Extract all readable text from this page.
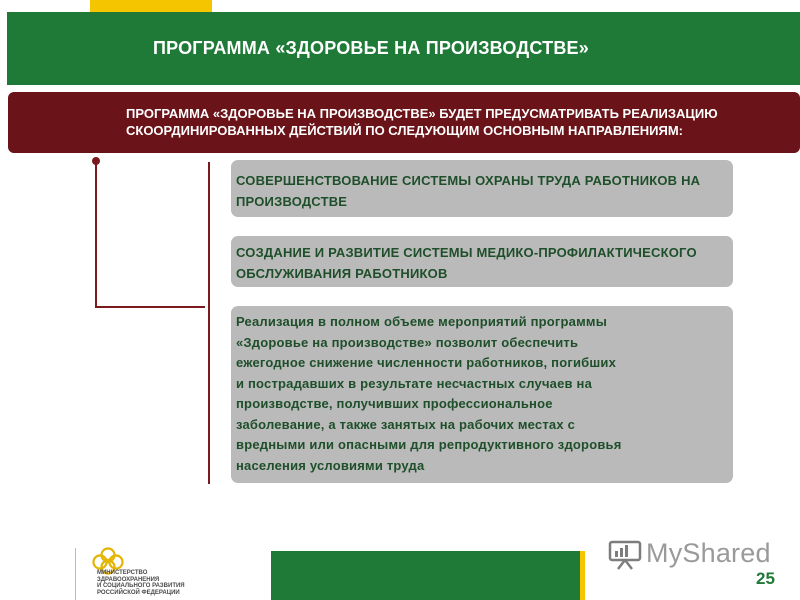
ПРОГРАММА «ЗДОРОВЬЕ НА ПРОИЗВОДСТВЕ»
ПРОГРАММА «ЗДОРОВЬЕ НА ПРОИЗВОДСТВЕ» БУДЕТ ПРЕДУСМАТРИВАТЬ РЕАЛИЗАЦИЮ
СКООРДИНИРОВАННЫХ ДЕЙСТВИЙ ПО СЛЕДУЮЩИМ ОСНОВНЫМ НАПРАВЛЕНИЯМ:
СОВЕРШЕНСТВОВАНИЕ СИСТЕМЫ ОХРАНЫ ТРУДА РАБОТНИКОВ НА
ПРОИЗВОДСТВЕ
СОЗДАНИЕ И РАЗВИТИЕ СИСТЕМЫ МЕДИКО-ПРОФИЛАКТИЧЕСКОГО
ОБСЛУЖИВАНИЯ РАБОТНИКОВ
Реализация в полном объеме мероприятий программы
«Здоровье на производстве» позволит обеспечить
ежегодное снижение численности работников, погибших
и пострадавших в результате несчастных случаев на
производстве, получивших профессиональное
заболевание, а также занятых на рабочих местах с
вредными или опасными для репродуктивного здоровья
населения условиями труда
МИНИСТЕРСТВО
ЗДРАВООХРАНЕНИЯ
И СОЦИАЛЬНОГО РАЗВИТИЯ
РОССИЙСКОЙ ФЕДЕРАЦИИ
MyShared
25
